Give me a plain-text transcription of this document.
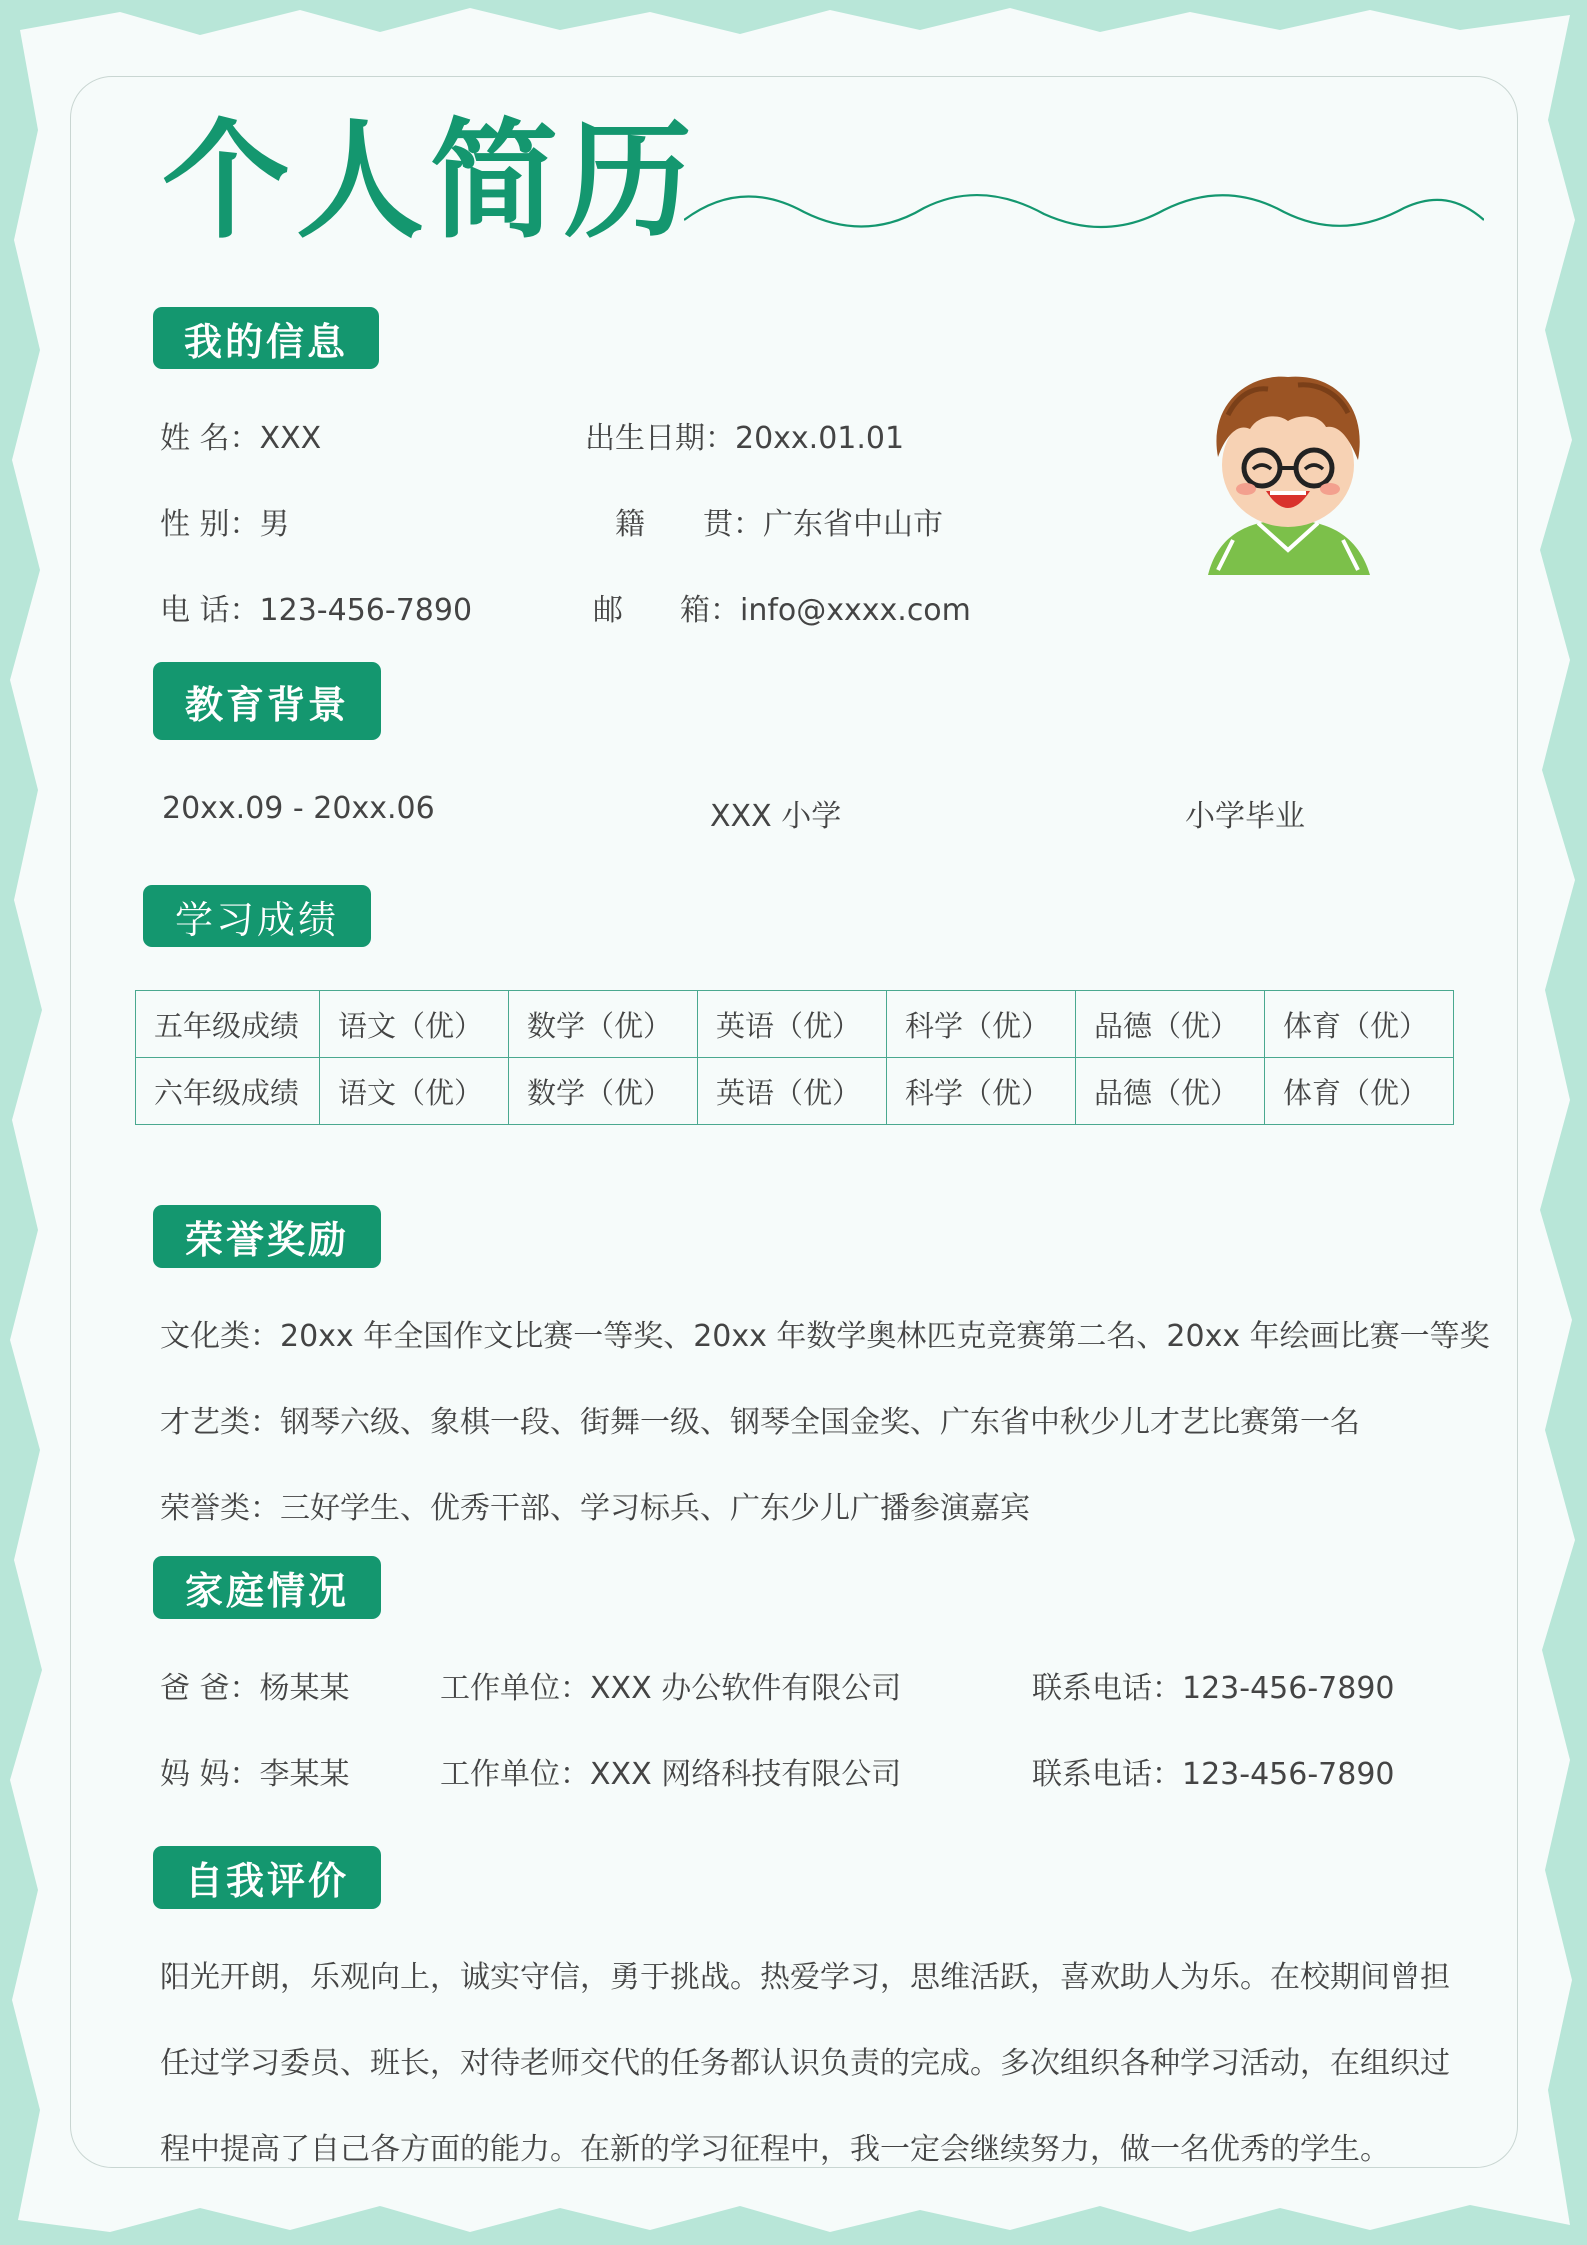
个人简历
我的信息
姓 名：XXX	出生日期：20xx.01.01
性 别：男	籍 贯：广东省中山市
电 话：123-456-7890	邮 箱：info@xxxx.com
教育背景
20xx.09 - 20xx.06	XXX 小学	小学毕业
学习成绩
五年级成绩	语文（优）	数学（优）	英语（优）	科学（优）	品德（优）	体育（优）
六年级成绩	语文（优）	数学（优）	英语（优）	科学（优）	品德（优）	体育（优）
荣誉奖励
文化类：20xx 年全国作文比赛一等奖、20xx 年数学奥林匹克竞赛第二名、20xx 年绘画比赛一等奖
才艺类：钢琴六级、象棋一段、街舞一级、钢琴全国金奖、广东省中秋少儿才艺比赛第一名
荣誉类：三好学生、优秀干部、学习标兵、广东少儿广播参演嘉宾
家庭情况
爸 爸：杨某某	工作单位：XXX 办公软件有限公司	联系电话：123-456-7890
妈 妈：李某某	工作单位：XXX 网络科技有限公司	联系电话：123-456-7890
自我评价
阳光开朗，乐观向上，诚实守信，勇于挑战。热爱学习，思维活跃，喜欢助人为乐。在校期间曾担
任过学习委员、班长，对待老师交代的任务都认识负责的完成。多次组织各种学习活动，在组织过
程中提高了自己各方面的能力。在新的学习征程中，我一定会继续努力，做一名优秀的学生。
